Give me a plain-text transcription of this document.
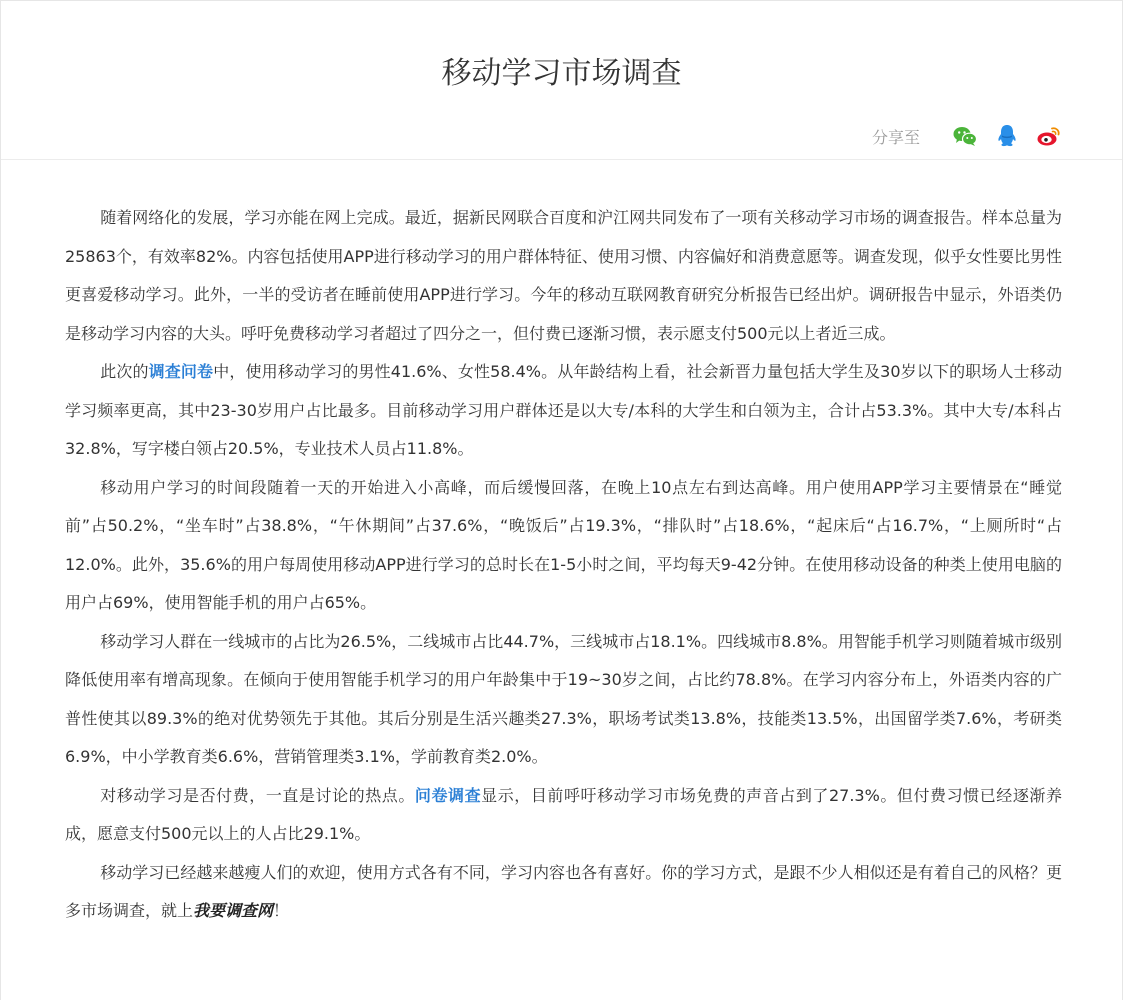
移动学习市场调查
分享至

随着网络化的发展，学习亦能在网上完成。最近，据新民网联合百度和沪江网共同发布了一项有关移动学习市场的调查报告。样本总量为25863个，有效率82%。内容包括使用APP进行移动学习的用户群体特征、使用习惯、内容偏好和消费意愿等。调查发现，似乎女性要比男性更喜爱移动学习。此外，一半的受访者在睡前使用APP进行学习。今年的移动互联网教育研究分析报告已经出炉。调研报告中显示，外语类仍是移动学习内容的大头。呼吁免费移动学习者超过了四分之一，但付费已逐渐习惯，表示愿支付500元以上者近三成。

此次的调查问卷中，使用移动学习的男性41.6%、女性58.4%。从年龄结构上看，社会新晋力量包括大学生及30岁以下的职场人士移动学习频率更高，其中23-30岁用户占比最多。目前移动学习用户群体还是以大专/本科的大学生和白领为主，合计占53.3%。其中大专/本科占32.8%，写字楼白领占20.5%，专业技术人员占11.8%。

移动用户学习的时间段随着一天的开始进入小高峰，而后缓慢回落，在晚上10点左右到达高峰。用户使用APP学习主要情景在“睡觉前”占50.2%，“坐车时”占38.8%，“午休期间”占37.6%，“晚饭后”占19.3%，“排队时”占18.6%，“起床后“占16.7%，“上厕所时“占12.0%。此外，35.6%的用户每周使用移动APP进行学习的总时长在1-5小时之间，平均每天9-42分钟。在使用移动设备的种类上使用电脑的用户占69%，使用智能手机的用户占65%。

移动学习人群在一线城市的占比为26.5%，二线城市占比44.7%，三线城市占18.1%。四线城市8.8%。用智能手机学习则随着城市级别降低使用率有增高现象。在倾向于使用智能手机学习的用户年龄集中于19~30岁之间，占比约78.8%。在学习内容分布上，外语类内容的广普性使其以89.3%的绝对优势领先于其他。其后分别是生活兴趣类27.3%，职场考试类13.8%，技能类13.5%，出国留学类7.6%，考研类6.9%，中小学教育类6.6%，营销管理类3.1%，学前教育类2.0%。

对移动学习是否付费，一直是讨论的热点。问卷调查显示，目前呼吁移动学习市场免费的声音占到了27.3%。但付费习惯已经逐渐养成，愿意支付500元以上的人占比29.1%。

移动学习已经越来越瘦人们的欢迎，使用方式各有不同，学习内容也各有喜好。你的学习方式，是跟不少人相似还是有着自己的风格？更多市场调查，就上我要调查网！
